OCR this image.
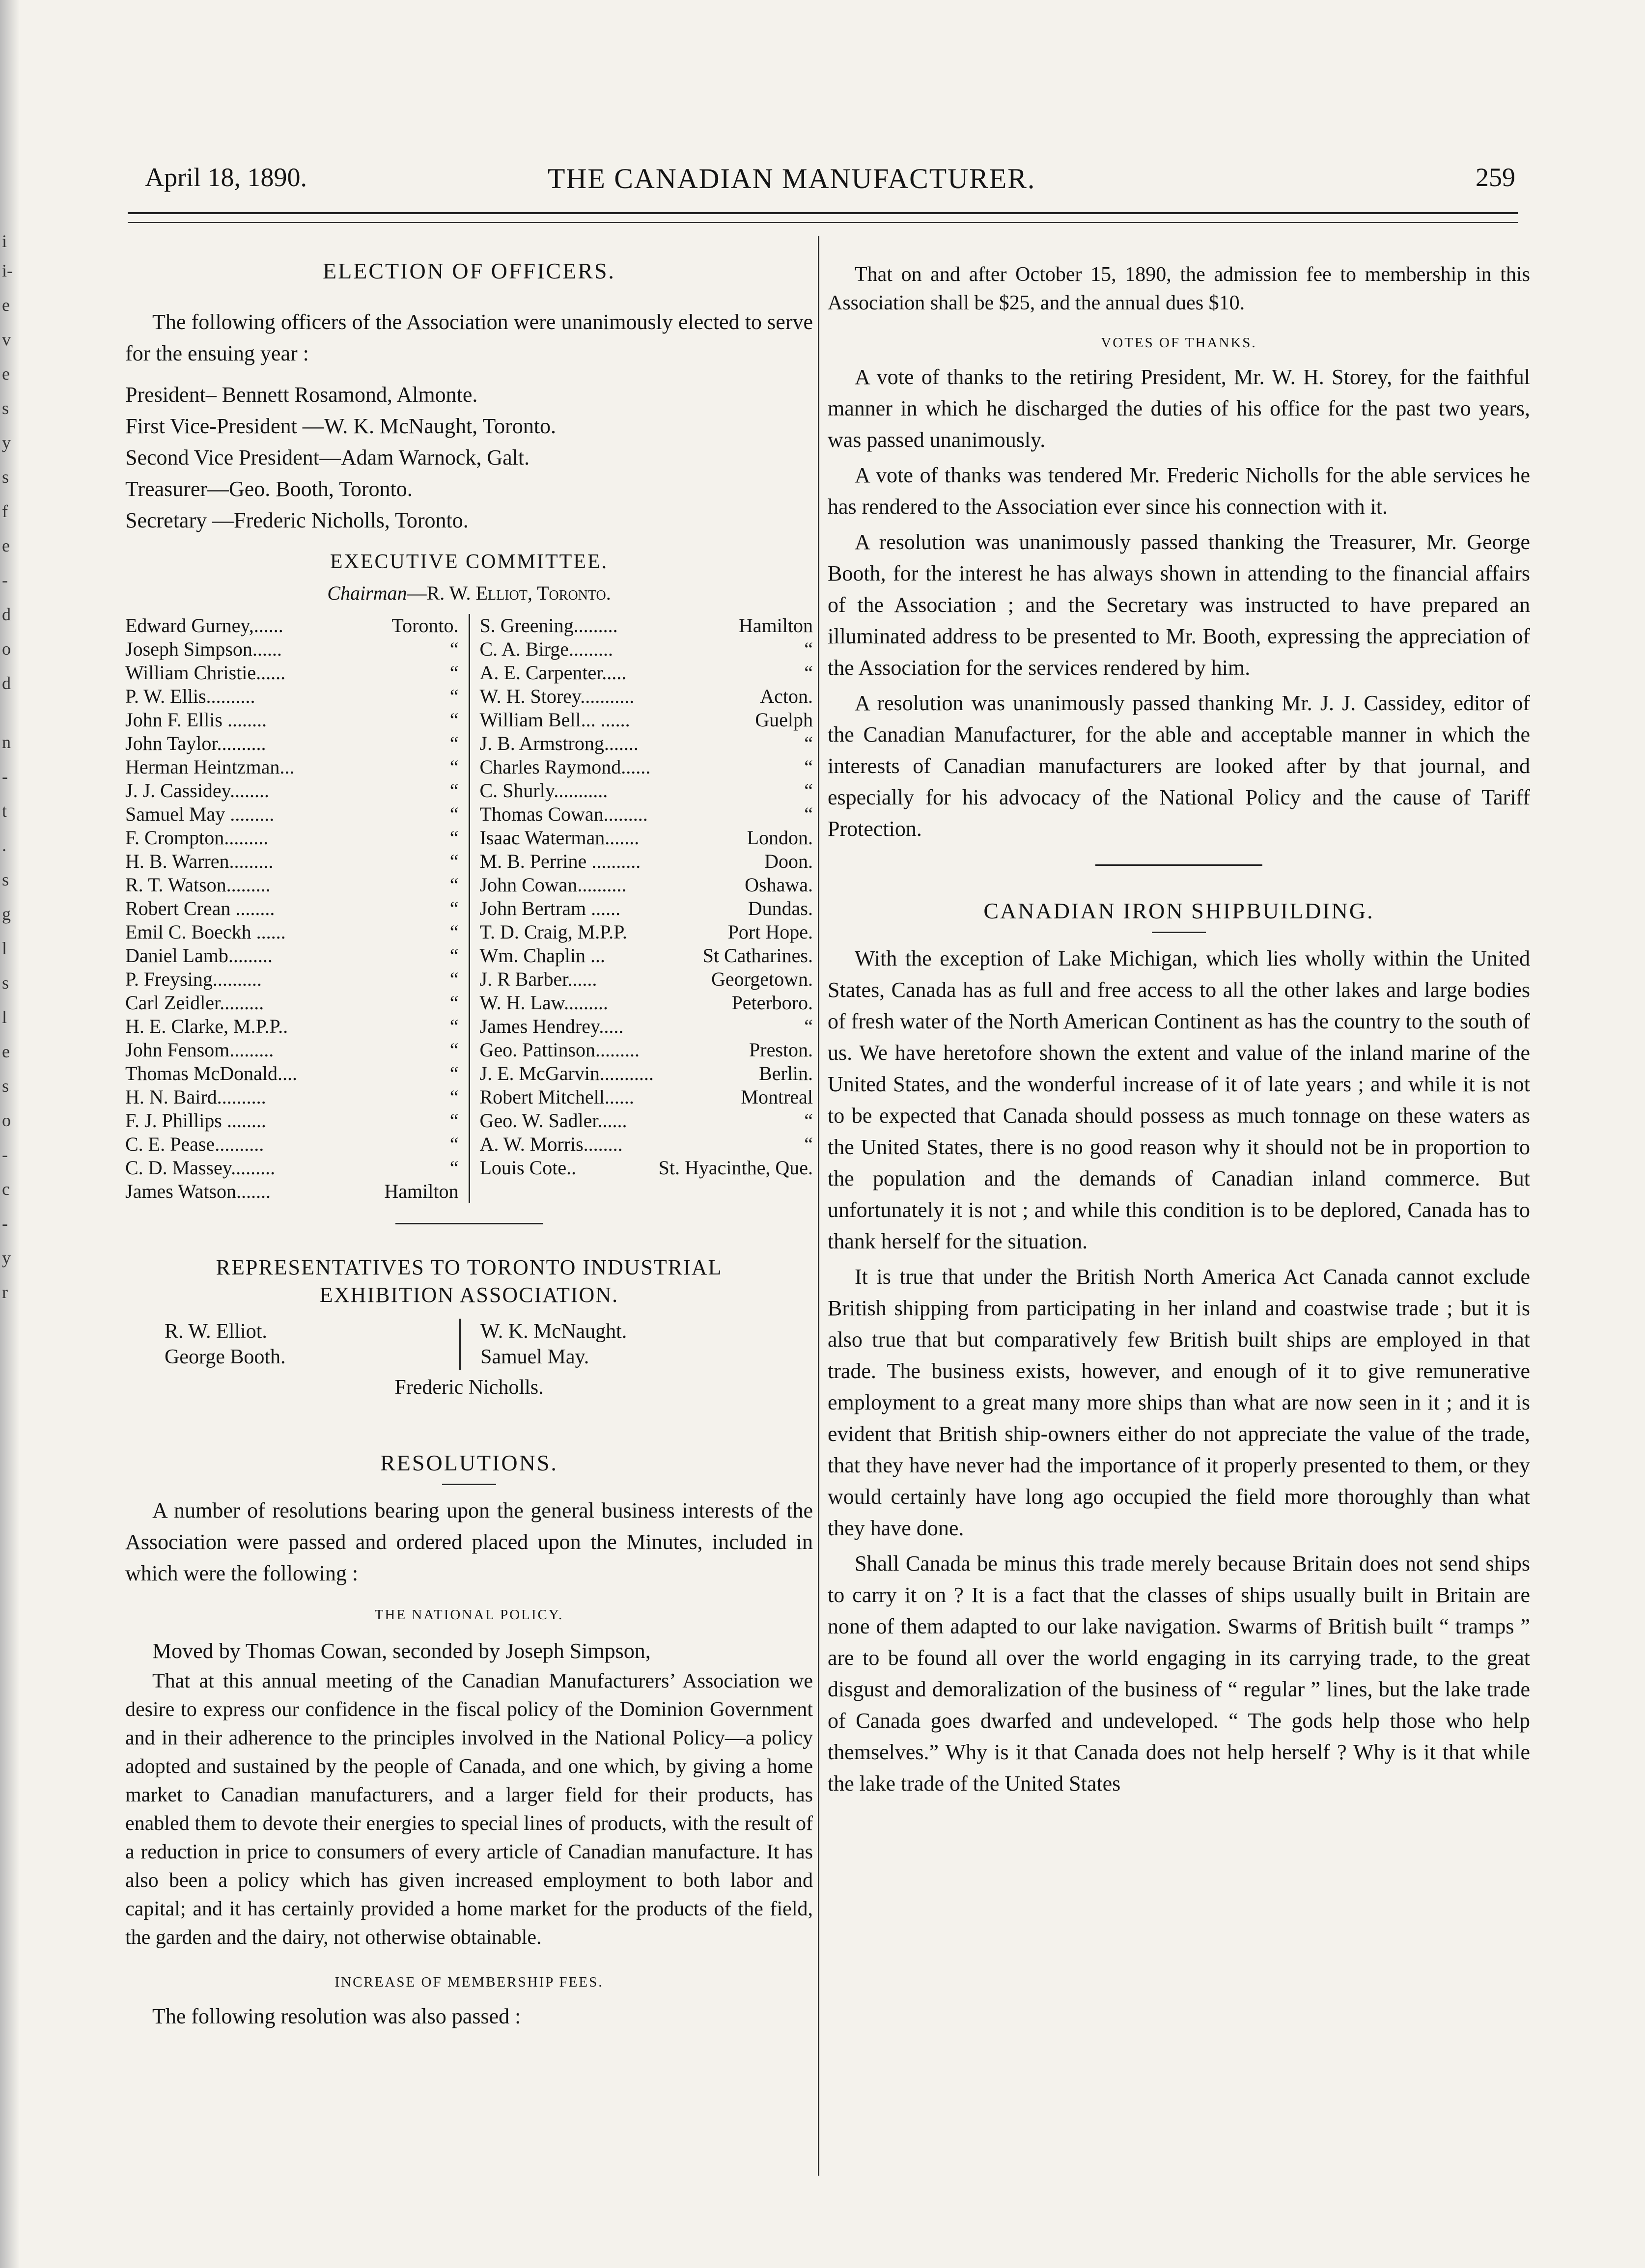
i
i-
e
v
e
s
y
s
f
e
-
d
o
d
n
-
t
.
s
g
l
s
l
e
s
o
-
c
-
y
r
April 18, 1890.	THE CANADIAN MANUFACTURER.	259
ELECTION OF OFFICERS.

The following officers of the Association were unanimously elected to serve for the ensuing year :

President– Bennett Rosamond, Almonte.

First Vice-President —W. K. McNaught, Toronto.

Second Vice President—Adam Warnock, Galt.

Treasurer—Geo. Booth, Toronto.

Secretary —Frederic Nicholls, Toronto.

EXECUTIVE COMMITTEE.

Chairman—R. W. Elliot, Toronto.

Edward Gurney,......	Toronto.
Joseph Simpson......	“
William Christie......	“
P. W. Ellis..........	“
John F. Ellis ........	“
John Taylor..........	“
Herman Heintzman...	“
J. J. Cassidey........	“
Samuel May .........	“
F. Crompton.........	“
H. B. Warren.........	“
R. T. Watson.........	“
Robert Crean ........	“
Emil C. Boeckh ......	“
Daniel Lamb.........	“
P. Freysing..........	“
Carl Zeidler.........	“
H. E. Clarke, M.P.P..	“
John Fensom.........	“
Thomas McDonald....	“
H. N. Baird..........	“
F. J. Phillips ........	“
C. E. Pease..........	“
C. D. Massey.........	“
James Watson.......	Hamilton
S. Greening.........	Hamilton
C. A. Birge.........	“
A. E. Carpenter.....	“
W. H. Storey...........	Acton.
William Bell... ......	Guelph
J. B. Armstrong.......	“
Charles Raymond......	“
C. Shurly...........	“
Thomas Cowan.........	“
Isaac Waterman.......	London.
M. B. Perrine ..........	Doon.
John Cowan..........	Oshawa.
John Bertram ......	Dundas.
T. D. Craig, M.P.P.	Port Hope.
Wm. Chaplin ...	St Catharines.
J. R Barber......	Georgetown.
W. H. Law.........	Peterboro.
James Hendrey.....	“
Geo. Pattinson.........	Preston.
J. E. McGarvin...........	Berlin.
Robert Mitchell......	Montreal
Geo. W. Sadler......	“
A. W. Morris........	“
Louis Cote..	St. Hyacinthe, Que.
REPRESENTATIVES TO TORONTO INDUSTRIAL
EXHIBITION ASSOCIATION.
R. W. Elliot.
George Booth.
W. K. McNaught.
Samuel May.

Frederic Nicholls.

RESOLUTIONS.

A number of resolutions bearing upon the general business interests of the Association were passed and ordered placed upon the Minutes, included in which were the following :

THE NATIONAL POLICY.

Moved by Thomas Cowan, seconded by Joseph Simpson,

That at this annual meeting of the Canadian Manufacturers’ Association we desire to express our confidence in the fiscal policy of the Dominion Government and in their adherence to the principles involved in the National Policy—a policy adopted and sustained by the people of Canada, and one which, by giving a home market to Canadian manufacturers, and a larger field for their products, has enabled them to devote their energies to special lines of products, with the result of a reduction in price to consumers of every article of Canadian manufacture. It has also been a policy which has given increased employment to both labor and capital; and it has certainly provided a home market for the products of the field, the garden and the dairy, not otherwise obtainable.

INCREASE OF MEMBERSHIP FEES.

The following resolution was also passed :

That on and after October 15, 1890, the admission fee to membership in this Association shall be $25, and the annual dues $10.

VOTES OF THANKS.

A vote of thanks to the retiring President, Mr. W. H. Storey, for the faithful manner in which he discharged the duties of his office for the past two years, was passed unanimously.

A vote of thanks was tendered Mr. Frederic Nicholls for the able services he has rendered to the Association ever since his connection with it.

A resolution was unanimously passed thanking the Treasurer, Mr. George Booth, for the interest he has always shown in attending to the financial affairs of the Association ; and the Secretary was instructed to have prepared an illuminated address to be presented to Mr. Booth, expressing the appreciation of the Association for the services rendered by him.

A resolution was unanimously passed thanking Mr. J. J. Cassidey, editor of the Canadian Manufacturer, for the able and acceptable manner in which the interests of Canadian manufacturers are looked after by that journal, and especially for his advocacy of the National Policy and the cause of Tariff Protection.

CANADIAN IRON SHIPBUILDING.

With the exception of Lake Michigan, which lies wholly within the United States, Canada has as full and free access to all the other lakes and large bodies of fresh water of the North American Continent as has the country to the south of us. We have heretofore shown the extent and value of the inland marine of the United States, and the wonderful increase of it of late years ; and while it is not to be expected that Canada should possess as much tonnage on these waters as the United States, there is no good reason why it should not be in proportion to the population and the demands of Canadian inland commerce. But unfortunately it is not ; and while this condition is to be deplored, Canada has to thank herself for the situation.

It is true that under the British North America Act Canada cannot exclude British shipping from participating in her inland and coastwise trade ; but it is also true that but comparatively few British built ships are employed in that trade. The business exists, however, and enough of it to give remunerative employment to a great many more ships than what are now seen in it ; and it is evident that British ship-owners either do not appreciate the value of the trade, that they have never had the importance of it properly presented to them, or they would certainly have long ago occupied the field more thoroughly than what they have done.

Shall Canada be minus this trade merely because Britain does not send ships to carry it on ? It is a fact that the classes of ships usually built in Britain are none of them adapted to our lake navigation. Swarms of British built “ tramps ” are to be found all over the world engaging in its carrying trade, to the great disgust and demoralization of the business of “ regular ” lines, but the lake trade of Canada goes dwarfed and undeveloped. “ The gods help those who help themselves.” Why is it that Canada does not help herself ? Why is it that while the lake trade of the United States
